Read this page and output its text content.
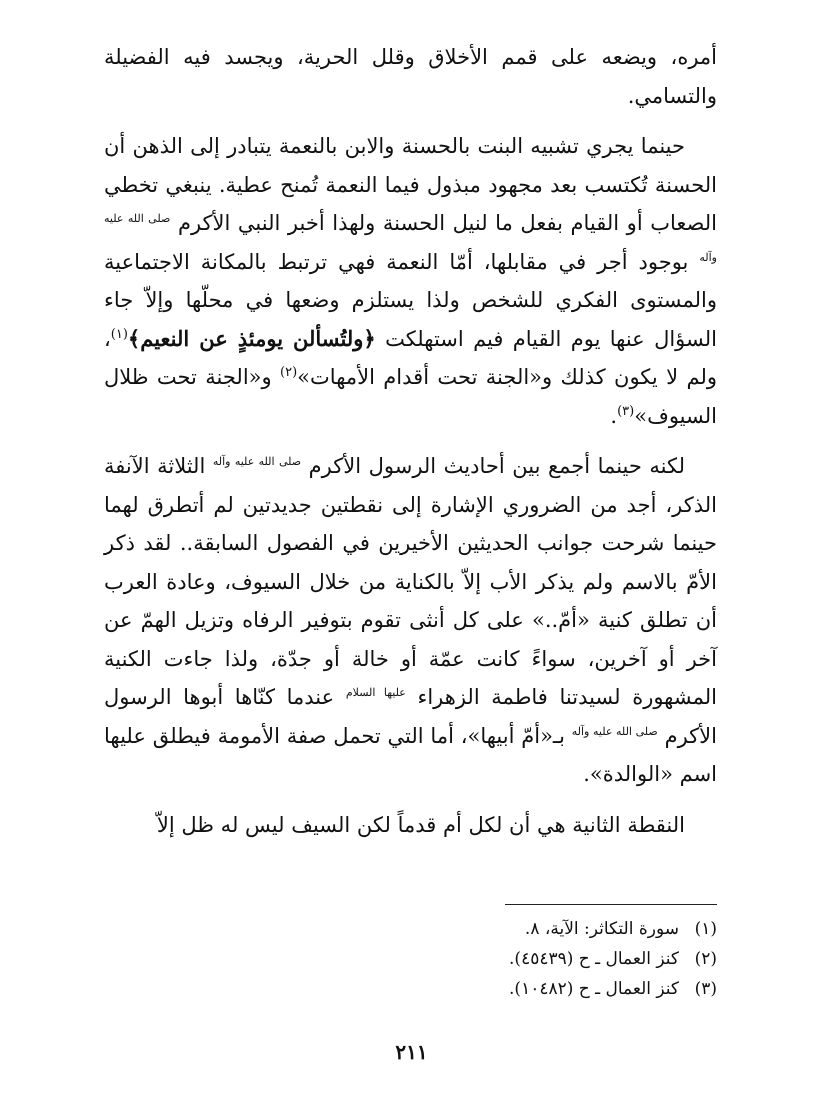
أمره، ويضعه على قمم الأخلاق وقلل الحرية، ويجسد فيه الفضيلة والتسامي.

حينما يجري تشبيه البنت بالحسنة والابن بالنعمة يتبادر إلى الذهن أن الحسنة تُكتسب بعد مجهود مبذول فيما النعمة تُمنح عطية. ينبغي تخطي الصعاب أو القيام بفعل ما لنيل الحسنة ولهذا أخبر النبي الأكرم $^{صلى الله عليه وآله}$ بوجود أجر في مقابلها، أمّا النعمة فهي ترتبط بالمكانة الاجتماعية والمستوى الفكري للشخص ولذا يستلزم وضعها في محلّها وإلاّ جاء السؤال عنها يوم القيام فيم استهلكت ﴿ولتُسألن يومئذٍ عن النعيم﴾$^{(١)}$، ولم لا يكون كذلك و«الجنة تحت أقدام الأمهات»$^{(٢)}$ و«الجنة تحت ظلال السيوف»$^{(٣)}$.

لكنه حينما أجمع بين أحاديث الرسول الأكرم $^{صلى الله عليه وآله}$ الثلاثة الآنفة الذكر، أجد من الضروري الإشارة إلى نقطتين جديدتين لم أتطرق لهما حينما شرحت جوانب الحديثين الأخيرين في الفصول السابقة.. لقد ذكر الأمّ بالاسم ولم يذكر الأب إلاّ بالكناية من خلال السيوف، وعادة العرب أن تطلق كنية «أمّ..» على كل أنثى تقوم بتوفير الرفاه وتزيل الهمّ عن آخر أو آخرين، سواءً كانت عمّة أو خالة أو جدّة، ولذا جاءت الكنية المشهورة لسيدتنا فاطمة الزهراء $^{عليها السلام}$ عندما كنّاها أبوها الرسول الأكرم $^{صلى الله عليه وآله}$ بـ«أمّ أبيها»، أما التي تحمل صفة الأمومة فيطلق عليها اسم «الوالدة».

النقطة الثانية هي أن لكل أم قدماً لكن السيف ليس له ظل إلاّ

(١)سورة التكاثر: الآية، ٨.

(٢)كنز العمال ـ ح (٤٥٤٣٩).

(٣)كنز العمال ـ ح (١٠٤٨٢).

٢١١
